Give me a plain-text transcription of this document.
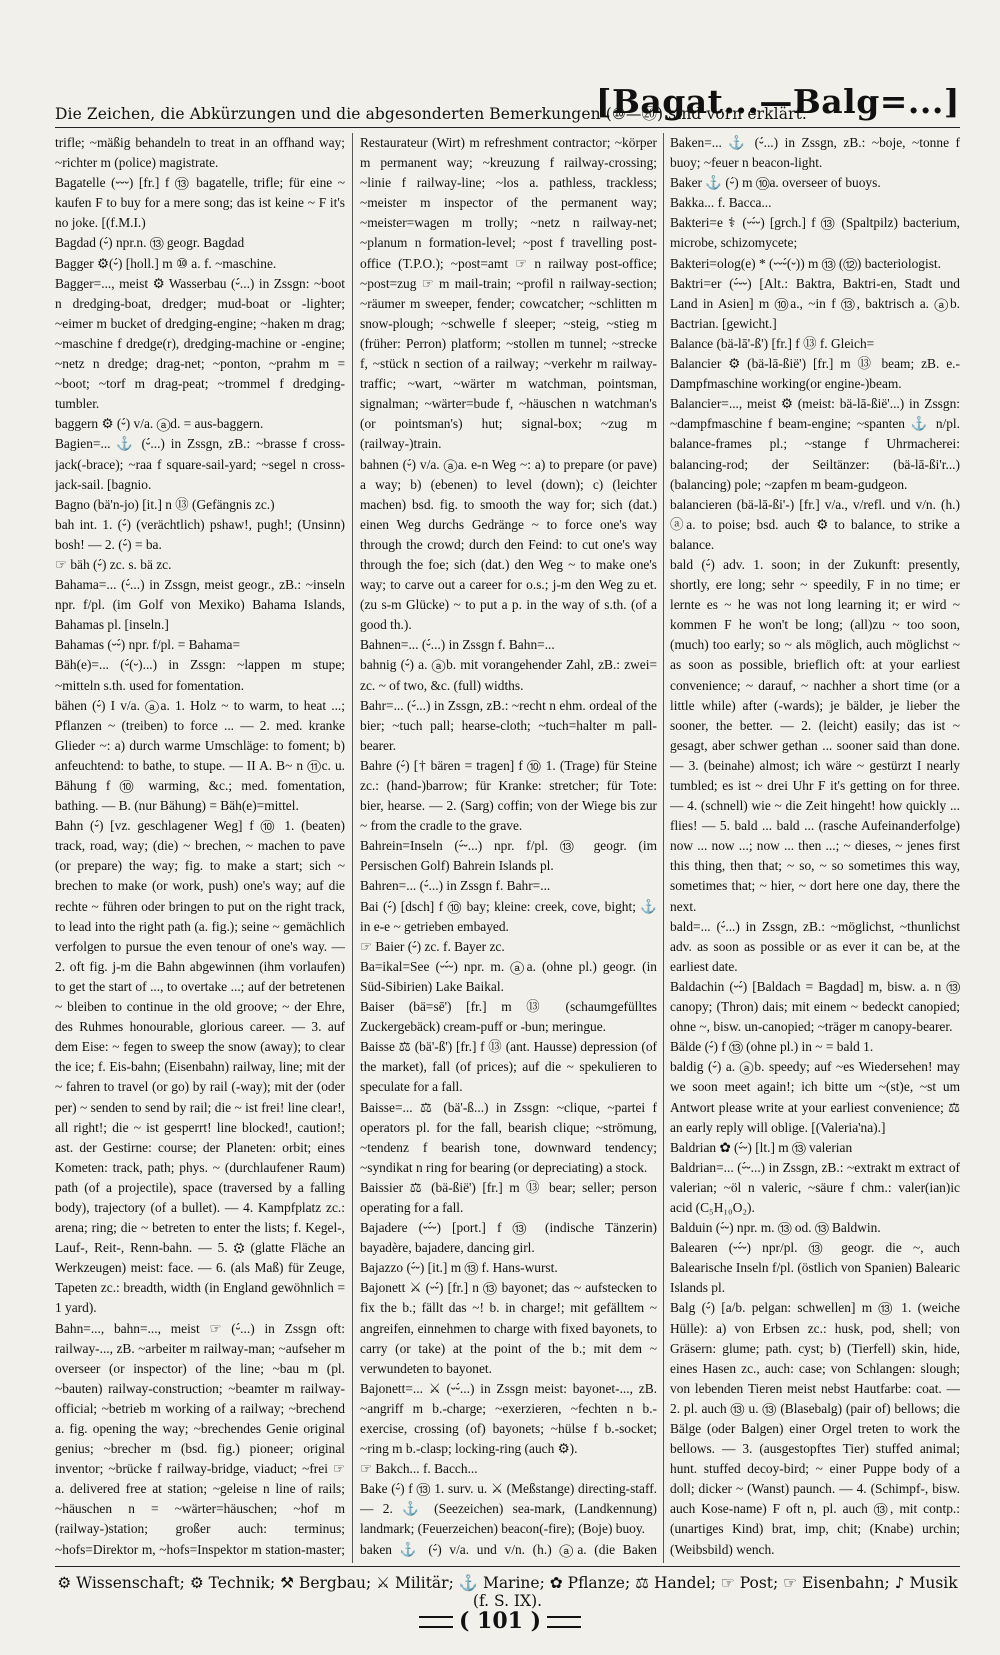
Die Zeichen, die Abkürzungen und die abgesonderten Bemerkungen (⑩—⑳) sind vorn erklärt.
[Bagat...—Balg=...]
trifle; ~mäßig behandeln to treat in an offhand way; ~richter m (police) magistrate.
Bagatelle (⏑⏑⏑) [fr.] f ⑬ bagatelle, trifle; für eine ~ kaufen F to buy for a mere song; das ist keine ~ F it's no joke. [(f.M.I.)
Bagdad (⏑́) npr.n. ⑬ geogr. Bagdad
Bagger ⚙(⏑́) [holl.] m ⑩ a. f. ~maschine.
Bagger=..., meist ⚙ Wasserbau (⏑́...) in Zssgn: ~boot n dredging-boat, dredger; mud-boat or -lighter; ~eimer m bucket of dredging-engine; ~haken m drag; ~maschine f dredge(r), dredging-machine or -engine; ~netz n dredge; drag-net; ~ponton, ~prahm m = ~boot; ~torf m drag-peat; ~trommel f dredging-tumbler.
baggern ⚙ (⏑́) v/a. ⓐd. = aus-baggern.
Bagien=... ⚓ (⏑́...) in Zssgn, zB.: ~brasse f cross-jack(-brace); ~raa f square-sail-yard; ~segel n cross-jack-sail. [bagnio.
Bagno (bä'n-jo) [it.] n ⑬ (Gefängnis zc.)
bah int. 1. (⏑́) (verächtlich) pshaw!, pugh!; (Unsinn) bosh! — 2. (⏑́) = ba.
☞ bäh (⏑́) zc. s. bä zc.
Bahama=... (⏑́...) in Zssgn, meist geogr., zB.: ~inseln npr. f/pl. (im Golf von Mexiko) Bahama Islands, Bahamas pl. [inseln.]
Bahamas (⏑⏑́) npr. f/pl. = Bahama=
Bäh(e)=... (⏑́(⏑)...) in Zssgn: ~lappen m stupe; ~mitteln s.th. used for fomentation.
bähen (⏑́) I v/a. ⓐa. 1. Holz ~ to warm, to heat ...; Pflanzen ~ (treiben) to force ... — 2. med. kranke Glieder ~: a) durch warme Umschläge: to foment; b) anfeuchtend: to bathe, to stupe. — II A. B~ n ⑪c. u. Bähung f ⑩ warming, &c.; med. fomentation, bathing. — B. (nur Bähung) = Bäh(e)=mittel.
Bahn (⏑́) [vz. geschlagener Weg] f ⑩ 1. (beaten) track, road, way; (die) ~ brechen, ~ machen to pave (or prepare) the way; fig. to make a start; sich ~ brechen to make (or work, push) one's way; auf die rechte ~ führen oder bringen to put on the right track, to lead into the right path (a. fig.); seine ~ gemächlich verfolgen to pursue the even tenour of one's way. — 2. oft fig. j-m die Bahn abgewinnen (ihm vorlaufen) to get the start of ..., to overtake ...; auf der betretenen ~ bleiben to continue in the old groove; ~ der Ehre, des Ruhmes honourable, glorious career. — 3. auf dem Eise: ~ fegen to sweep the snow (away); to clear the ice; f. Eis-bahn; (Eisenbahn) railway, line; mit der ~ fahren to travel (or go) by rail (-way); mit der (oder per) ~ senden to send by rail; die ~ ist frei! line clear!, all right!; die ~ ist gesperrt! line blocked!, caution!; ast. der Gestirne: course; der Planeten: orbit; eines Kometen: track, path; phys. ~ (durchlaufener Raum) path (of a projectile), space (traversed by a falling body), trajectory (of a bullet). — 4. Kampfplatz zc.: arena; ring; die ~ betreten to enter the lists; f. Kegel-, Lauf-, Reit-, Renn-bahn. — 5. ⚙ (glatte Fläche an Werkzeugen) meist: face. — 6. (als Maß) für Zeuge, Tapeten zc.: breadth, width (in England gewöhnlich = 1 yard).
Bahn=..., bahn=..., meist ☞ (⏑́...) in Zssgn oft: railway-..., zB. ~arbeiter m railway-man; ~aufseher m overseer (or inspector) of the line; ~bau m (pl. ~bauten) railway-construction; ~beamter m railway-official; ~betrieb m working of a railway; ~brechend a. fig. opening the way; ~brechendes Genie original genius; ~brecher m (bsd. fig.) pioneer; original inventor; ~brücke f railway-bridge, viaduct; ~frei ☞ a. delivered free at station; ~geleise n line of rails; ~häuschen n = ~wärter=häuschen; ~hof m (railway-)station; großer auch: terminus; ~hofs=Direktor m, ~hofs=Inspektor m station-master;
Restaurateur (Wirt) m refreshment contractor; ~körper m permanent way; ~kreuzung f railway-crossing; ~linie f railway-line; ~los a. pathless, trackless; ~meister m inspector of the permanent way; ~meister=wagen m trolly; ~netz n railway-net; ~planum n formation-level; ~post f travelling post-office (T.P.O.); ~post=amt ☞ n railway post-office; ~post=zug ☞ m mail-train; ~profil n railway-section; ~räumer m sweeper, fender; cowcatcher; ~schlitten m snow-plough; ~schwelle f sleeper; ~steig, ~stieg m (früher: Perron) platform; ~stollen m tunnel; ~strecke f, ~stück n section of a railway; ~verkehr m railway-traffic; ~wart, ~wärter m watchman, pointsman, signalman; ~wärter=bude f, ~häuschen n watchman's (or pointsman's) hut; signal-box; ~zug m (railway-)train.
bahnen (⏑́) v/a. ⓐa. e-n Weg ~: a) to prepare (or pave) a way; b) (ebenen) to level (down); c) (leichter machen) bsd. fig. to smooth the way for; sich (dat.) einen Weg durchs Gedränge ~ to force one's way through the crowd; durch den Feind: to cut one's way through the foe; sich (dat.) den Weg ~ to make one's way; to carve out a career for o.s.; j-m den Weg zu et. (zu s-m Glücke) ~ to put a p. in the way of s.th. (of a good th.).
Bahnen=... (⏑́...) in Zssgn f. Bahn=...
bahnig (⏑́) a. ⓐb. mit vorangehender Zahl, zB.: zwei= zc. ~ of two, &c. (full) widths.
Bahr=... (⏑́...) in Zssgn, zB.: ~recht n ehm. ordeal of the bier; ~tuch pall; hearse-cloth; ~tuch=halter m pall-bearer.
Bahre (⏑́) [† bären = tragen] f ⑩ 1. (Trage) für Steine zc.: (hand-)barrow; für Kranke: stretcher; für Tote: bier, hearse. — 2. (Sarg) coffin; von der Wiege bis zur ~ from the cradle to the grave.
Bahrein=Inseln (⏑́⏑...) npr. f/pl. ⑬ geogr. (im Persischen Golf) Bahrein Islands pl.
Bahren=... (⏑́...) in Zssgn f. Bahr=...
Bai (⏑́) [dsch] f ⑩ bay; kleine: creek, cove, bight; ⚓ in e-e ~ getrieben embayed.
☞ Baier (⏑́) zc. f. Bayer zc.
Ba=ikal=See (⏑⏑́⏑) npr. m. ⓐa. (ohne pl.) geogr. (in Süd-Sibirien) Lake Baikal.
Baiser (bä=sē') [fr.] m ⑬ (schaumgefülltes Zuckergebäck) cream-puff or -bun; meringue.
Baisse ⚖ (bä'-ß') [fr.] f ⑬ (ant. Hausse) depression (of the market), fall (of prices); auf die ~ spekulieren to speculate for a fall.
Baisse=... ⚖ (bä'-ß...) in Zssgn: ~clique, ~partei f operators pl. for the fall, bearish clique; ~strömung, ~tendenz f bearish tone, downward tendency; ~syndikat n ring for bearing (or depreciating) a stock.
Baissier ⚖ (bä-ßië') [fr.] m ⑬ bear; seller; person operating for a fall.
Bajadere (⏑⏑́⏑) [port.] f ⑬ (indische Tänzerin) bayadère, bajadere, dancing girl.
Bajazzo (⏑́⏑) [it.] m ⑬ f. Hans-wurst.
Bajonett ⚔ (⏑⏑́) [fr.] n ⑬ bayonet; das ~ aufstecken to fix the b.; fällt das ~! b. in charge!; mit gefälltem ~ angreifen, einnehmen to charge with fixed bayonets, to carry (or take) at the point of the b.; mit dem ~ verwundeten to bayonet.
Bajonett=... ⚔ (⏑⏑́...) in Zssgn meist: bayonet-..., zB. ~angriff m b.-charge; ~exerzieren, ~fechten n b.-exercise, crossing (of) bayonets; ~hülse f b.-socket; ~ring m b.-clasp; locking-ring (auch ⚙).
☞ Bakch... f. Bacch...
Bake (⏑́) f ⑬ 1. surv. u. ⚔ (Meßstange) directing-staff. — 2. ⚓ (Seezeichen) sea-mark, (Landkennung) landmark; (Feuerzeichen) beacon(-fire); (Boje) buoy.
baken ⚓ (⏑́) v/a. und v/n. (h.) ⓐa. (die Baken
Baken=... ⚓ (⏑́...) in Zssgn, zB.: ~boje, ~tonne f buoy; ~feuer n beacon-light.
Baker ⚓ (⏑́) m ⑩a. overseer of buoys.
Bakka... f. Bacca...
Bakteri=e ⚕ (⏑⏑́⏑) [grch.] f ⑬ (Spaltpilz) bacterium, microbe, schizomycete;
Bakteri=olog(e) * (⏑⏑⏑́(⏑)) m ⑬ (⑫) bacteriologist.
Baktri=er (⏑́⏑⏑) [Alt.: Baktra, Baktri-en, Stadt und Land in Asien] m ⑩a., ~in f ⑬, baktrisch a. ⓐb. Bactrian. [gewicht.]
Balance (bä-lā'-ß') [fr.] f ⑬ f. Gleich=
Balancier ⚙ (bä-lā-ßië') [fr.] m ⑬ beam; zB. e.-Dampfmaschine working(or engine-)beam.
Balancier=..., meist ⚙ (meist: bä-lā-ßië'...) in Zssgn: ~dampfmaschine f beam-engine; ~spanten ⚓ n/pl. balance-frames pl.; ~stange f Uhrmacherei: balancing-rod; der Seiltänzer: (bä-lā-ßi'r...) (balancing) pole; ~zapfen m beam-gudgeon.
balancieren (bä-lā-ßi'-) [fr.] v/a., v/refl. und v/n. (h.) ⓐa. to poise; bsd. auch ⚙ to balance, to strike a balance.
bald (⏑́) adv. 1. soon; in der Zukunft: presently, shortly, ere long; sehr ~ speedily, F in no time; er lernte es ~ he was not long learning it; er wird ~ kommen F he won't be long; (all)zu ~ too soon, (much) too early; so ~ als möglich, auch möglichst ~ as soon as possible, brieflich oft: at your earliest convenience; ~ darauf, ~ nachher a short time (or a little while) after (-wards); je bälder, je lieber the sooner, the better. — 2. (leicht) easily; das ist ~ gesagt, aber schwer gethan ... sooner said than done. — 3. (beinahe) almost; ich wäre ~ gestürzt I nearly tumbled; es ist ~ drei Uhr F it's getting on for three. — 4. (schnell) wie ~ die Zeit hingeht! how quickly ... flies! — 5. bald ... bald ... (rasche Aufeinanderfolge) now ... now ...; now ... then ...; ~ dieses, ~ jenes first this thing, then that; ~ so, ~ so sometimes this way, sometimes that; ~ hier, ~ dort here one day, there the next.
bald=... (⏑́...) in Zssgn, zB.: ~möglichst, ~thunlichst adv. as soon as possible or as ever it can be, at the earliest date.
Baldachin (⏑⏑́) [Baldach = Bagdad] m, bisw. a. n ⑬ canopy; (Thron) dais; mit einem ~ bedeckt canopied; ohne ~, bisw. un-canopied; ~träger m canopy-bearer.
Bälde (⏑́) f ⑬ (ohne pl.) in ~ = bald 1.
baldig (⏑́) a. ⓐb. speedy; auf ~es Wiedersehen! may we soon meet again!; ich bitte um ~(st)e, ~st um Antwort please write at your earliest convenience; ⚖ an early reply will oblige. [(Valeria'na).]
Baldrian ✿ (⏑́⏑) [lt.] m ⑬ valerian
Baldrian=... (⏑́⏑...) in Zssgn, zB.: ~extrakt m extract of valerian; ~öl n valeric, ~säure f chm.: valer(ian)ic acid (C₅H₁₀O₂).
Balduin (⏑́⏑) npr. m. ⑬ od. ⑬ Baldwin.
Balearen (⏑⏑́⏑) npr/pl. ⑬ geogr. die ~, auch Balearische Inseln f/pl. (östlich von Spanien) Balearic Islands pl.
Balg (⏑́) [a/b. pelgan: schwellen] m ⑬ 1. (weiche Hülle): a) von Erbsen zc.: husk, pod, shell; von Gräsern: glume; path. cyst; b) (Tierfell) skin, hide, eines Hasen zc., auch: case; von Schlangen: slough; von lebenden Tieren meist nebst Hautfarbe: coat. — 2. pl. auch ⑬ u. ⑬ (Blasebalg) (pair of) bellows; die Bälge (oder Balgen) einer Orgel treten to work the bellows. — 3. (ausgestopftes Tier) stuffed animal; hunt. stuffed decoy-bird; ~ einer Puppe body of a doll; dicker ~ (Wanst) paunch. — 4. (Schimpf-, bisw. auch Kose-name) F oft n, pl. auch ⑬, mit contp.: (unartiges Kind) brat, imp, chit; (Knabe) urchin; (Weibsbild) wench.
⚙ Wissenschaft; ⚙ Technik; ⚒ Bergbau; ⚔ Militär; ⚓ Marine; ✿ Pflanze; ⚖ Handel; ☞ Post; ☞ Eisenbahn; ♪ Musik (f. S. IX).
( 101 )
